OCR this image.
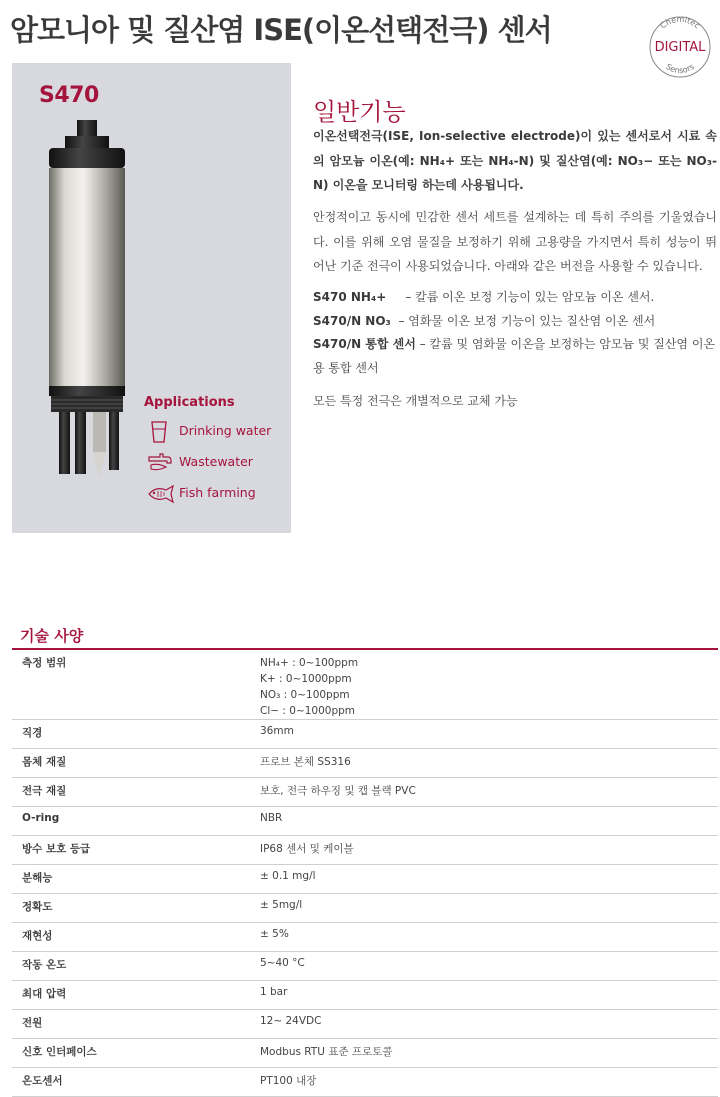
암모니아 및 질산염 ISE(이온선택전극) 센서	Chemitec
DIGITAL
Sensors
S470
Applications
Drinking water
Wastewater
Fish farming
일반기능
이온선택전극(ISE, Ion-selective electrode)이 있는 센서로서 시료 속의 암모늄 이온(예: NH₄+ 또는 NH₄-N) 및 질산염(예: NO₃− 또는 NO₃-N) 이온을 모니터링 하는데 사용됩니다.
안정적이고 동시에 민감한 센서 세트를 설계하는 데 특히 주의를 기울였습니다. 이를 위해 오염 물질을 보정하기 위해 고용량을 가지면서 특히 성능이 뛰어난 기준 전극이 사용되었습니다. 아래와 같은 버전을 사용할 수 있습니다.
S470 NH₄+ – 칼륨 이온 보정 기능이 있는 암모늄 이온 센서.
S470/N NO₃ – 염화물 이온 보정 기능이 있는 질산염 이온 센서
S470/N 통합 센서 – 칼륨 및 염화물 이온을 보정하는 암모늄 및 질산염 이온용 통합 센서
모든 특정 전극은 개별적으로 교체 가능
기술 사양
측정 범위	NH₄+ : 0~100ppm
K+ : 0~1000ppm
NO₃ : 0~100ppm
Cl− : 0~1000ppm

직경	36mm
몸체 재질	프로브 본체 SS316
전극 재질	보호, 전극 하우징 및 캡 블랙 PVC
O-ring	NBR
방수 보호 등급	IP68 센서 및 케이블
분해능	± 0.1 mg/l
정확도	± 5mg/l
재현성	± 5%
작동 온도	5~40 °C
최대 압력	1 bar
전원	12~ 24VDC
신호 인터페이스	Modbus RTU 표준 프로토콜
온도센서	PT100 내장
